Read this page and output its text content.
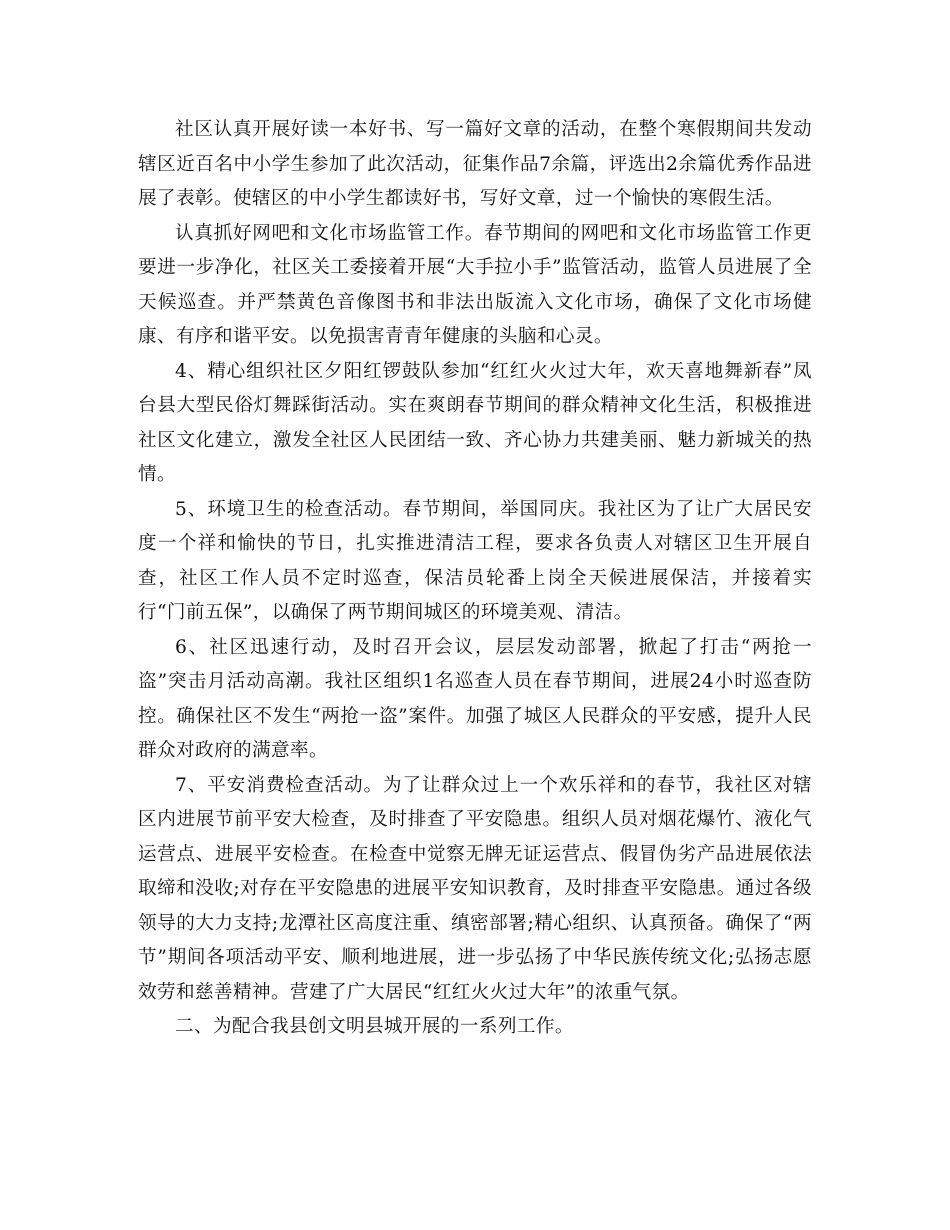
社区认真开展好读一本好书、写一篇好文章的活动，在整个寒假期间共发动辖区近百名中小学生参加了此次活动，征集作品7余篇，评选出2余篇优秀作品进展了表彰。使辖区的中小学生都读好书，写好文章，过一个愉快的寒假生活。

认真抓好网吧和文化市场监管工作。春节期间的网吧和文化市场监管工作更要进一步净化，社区关工委接着开展“大手拉小手”监管活动，监管人员进展了全天候巡查。并严禁黄色音像图书和非法出版流入文化市场，确保了文化市场健康、有序和谐平安。以免损害青青年健康的头脑和心灵。

4、精心组织社区夕阳红锣鼓队参加“红红火火过大年，欢天喜地舞新春”凤台县大型民俗灯舞踩街活动。实在爽朗春节期间的群众精神文化生活，积极推进社区文化建立，激发全社区人民团结一致、齐心协力共建美丽、魅力新城关的热情。

5、环境卫生的检查活动。春节期间，举国同庆。我社区为了让广大居民安度一个祥和愉快的节日，扎实推进清洁工程，要求各负责人对辖区卫生开展自查，社区工作人员不定时巡查，保洁员轮番上岗全天候进展保洁，并接着实行“门前五保”，以确保了两节期间城区的环境美观、清洁。

6、社区迅速行动，及时召开会议，层层发动部署，掀起了打击“两抢一盗”突击月活动高潮。我社区组织1名巡查人员在春节期间，进展24小时巡查防控。确保社区不发生“两抢一盗”案件。加强了城区人民群众的平安感，提升人民群众对政府的满意率。

7、平安消费检查活动。为了让群众过上一个欢乐祥和的春节，我社区对辖区内进展节前平安大检查，及时排查了平安隐患。组织人员对烟花爆竹、液化气运营点、进展平安检查。在检查中觉察无牌无证运营点、假冒伪劣产品进展依法取缔和没收;对存在平安隐患的进展平安知识教育，及时排查平安隐患。通过各级领导的大力支持;龙潭社区高度注重、缜密部署;精心组织、认真预备。确保了“两节”期间各项活动平安、顺利地进展，进一步弘扬了中华民族传统文化;弘扬志愿效劳和慈善精神。营建了广大居民“红红火火过大年”的浓重气氛。

二、为配合我县创文明县城开展的一系列工作。
